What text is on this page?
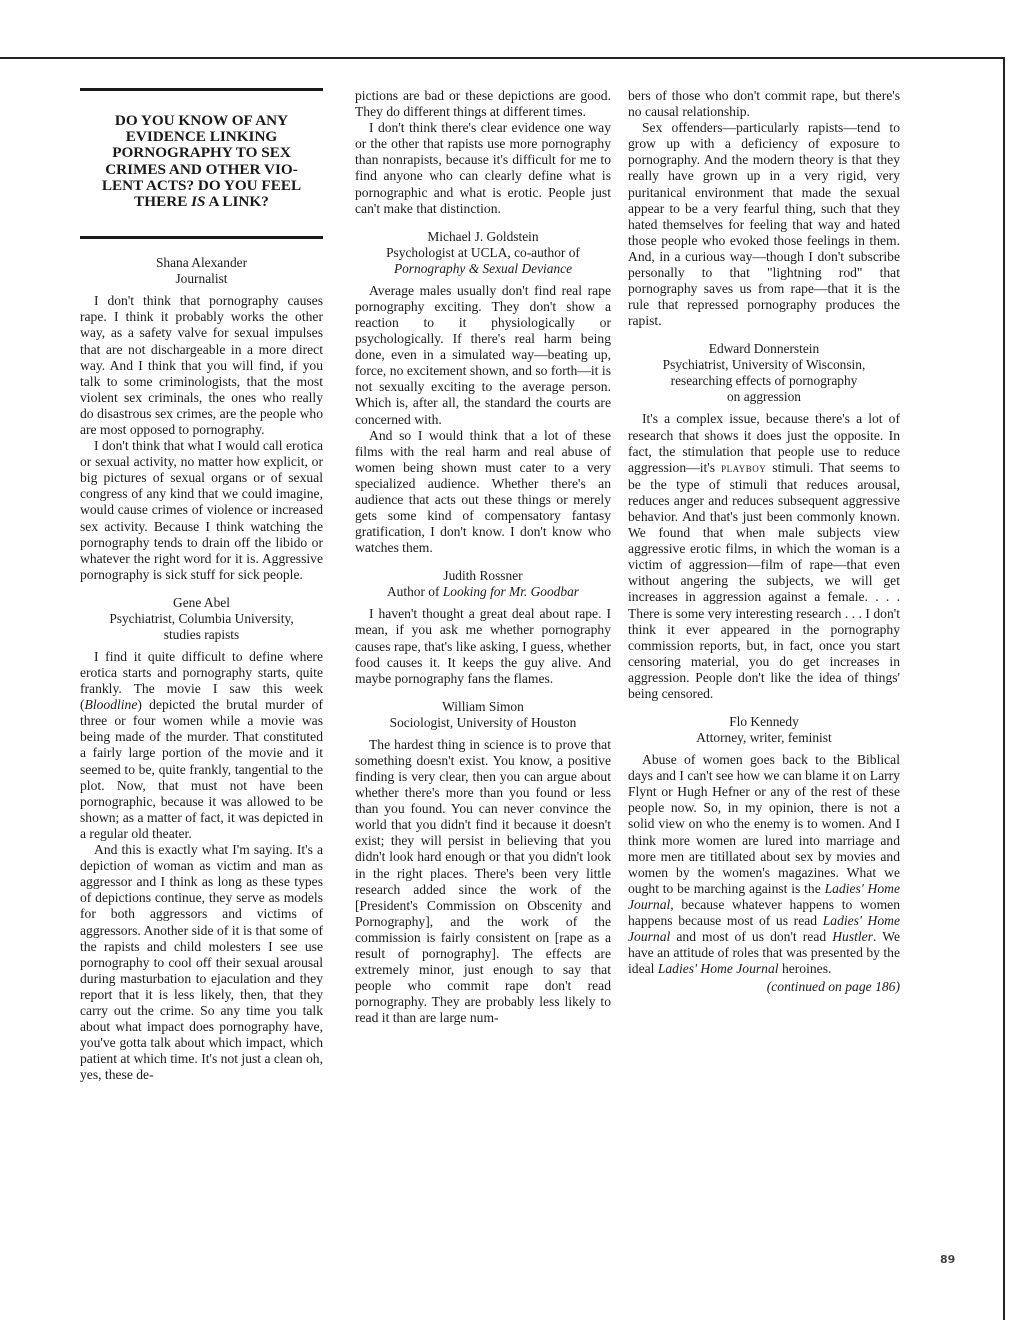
DO YOU KNOW OF ANY
EVIDENCE LINKING
PORNOGRAPHY TO SEX
CRIMES AND OTHER VIO-
LENT ACTS? DO YOU FEEL
THERE IS A LINK?
Shana Alexander
Journalist

I don't think that pornography causes rape. I think it probably works the other way, as a safety valve for sexual impulses that are not dischargeable in a more direct way. And I think that you will find, if you talk to some criminologists, that the most violent sex criminals, the ones who really do disastrous sex crimes, are the people who are most opposed to pornography.

I don't think that what I would call erotica or sexual activity, no matter how explicit, or big pictures of sexual organs or of sexual congress of any kind that we could imagine, would cause crimes of violence or increased sex activity. Because I think watching the pornography tends to drain off the libido or whatever the right word for it is. Aggressive pornography is sick stuff for sick people.

Gene Abel
Psychiatrist, Columbia University,
studies rapists

I find it quite difficult to define where erotica starts and pornography starts, quite frankly. The movie I saw this week (Bloodline) depicted the brutal murder of three or four women while a movie was being made of the murder. That constituted a fairly large portion of the movie and it seemed to be, quite frankly, tangential to the plot. Now, that must not have been pornographic, because it was allowed to be shown; as a matter of fact, it was depicted in a regular old theater.

And this is exactly what I'm saying. It's a depiction of woman as victim and man as aggressor and I think as long as these types of depictions continue, they serve as models for both aggressors and victims of aggressors. Another side of it is that some of the rapists and child molesters I see use pornography to cool off their sexual arousal during masturbation to ejaculation and they report that it is less likely, then, that they carry out the crime. So any time you talk about what impact does pornography have, you've gotta talk about which impact, which patient at which time. It's not just a clean oh, yes, these de-

pictions are bad or these depictions are good. They do different things at different times.

I don't think there's clear evidence one way or the other that rapists use more pornography than nonrapists, because it's difficult for me to find anyone who can clearly define what is pornographic and what is erotic. People just can't make that distinction.

Michael J. Goldstein
Psychologist at UCLA, co-author of
Pornography & Sexual Deviance

Average males usually don't find real rape pornography exciting. They don't show a reaction to it physiologically or psychologically. If there's real harm being done, even in a simulated way—beating up, force, no excitement shown, and so forth—it is not sexually exciting to the average person. Which is, after all, the standard the courts are concerned with.

And so I would think that a lot of these films with the real harm and real abuse of women being shown must cater to a very specialized audience. Whether there's an audience that acts out these things or merely gets some kind of compensatory fantasy gratification, I don't know. I don't know who watches them.

Judith Rossner
Author of Looking for Mr. Goodbar

I haven't thought a great deal about rape. I mean, if you ask me whether pornography causes rape, that's like asking, I guess, whether food causes it. It keeps the guy alive. And maybe pornography fans the flames.

William Simon
Sociologist, University of Houston

The hardest thing in science is to prove that something doesn't exist. You know, a positive finding is very clear, then you can argue about whether there's more than you found or less than you found. You can never convince the world that you didn't find it because it doesn't exist; they will persist in believing that you didn't look hard enough or that you didn't look in the right places. There's been very little research added since the work of the [President's Commission on Obscenity and Pornography], and the work of the commission is fairly consistent on [rape as a result of pornography]. The effects are extremely minor, just enough to say that people who commit rape don't read pornography. They are probably less likely to read it than are large num-

bers of those who don't commit rape, but there's no causal relationship.

Sex offenders—particularly rapists—tend to grow up with a deficiency of exposure to pornography. And the modern theory is that they really have grown up in a very rigid, very puritanical environment that made the sexual appear to be a very fearful thing, such that they hated themselves for feeling that way and hated those people who evoked those feelings in them. And, in a curious way—though I don't subscribe personally to that "lightning rod" that pornography saves us from rape—that it is the rule that repressed pornography produces the rapist.

Edward Donnerstein
Psychiatrist, University of Wisconsin,
researching effects of pornography
on aggression

It's a complex issue, because there's a lot of research that shows it does just the opposite. In fact, the stimulation that people use to reduce aggression—it's PLAYBOY stimuli. That seems to be the type of stimuli that reduces arousal, reduces anger and reduces subsequent aggressive behavior. And that's just been commonly known. We found that when male subjects view aggressive erotic films, in which the woman is a victim of aggression—film of rape—that even without angering the subjects, we will get increases in aggression against a female. . . . There is some very interesting research . . . I don't think it ever appeared in the pornography commission reports, but, in fact, once you start censoring material, you do get increases in aggression. People don't like the idea of things' being censored.

Flo Kennedy
Attorney, writer, feminist

Abuse of women goes back to the Biblical days and I can't see how we can blame it on Larry Flynt or Hugh Hefner or any of the rest of these people now. So, in my opinion, there is not a solid view on who the enemy is to women. And I think more women are lured into marriage and more men are titillated about sex by movies and women by the women's magazines. What we ought to be marching against is the Ladies' Home Journal, because whatever happens to women happens because most of us read Ladies' Home Journal and most of us don't read Hustler. We have an attitude of roles that was presented by the ideal Ladies' Home Journal heroines.

(continued on page 186)
89
